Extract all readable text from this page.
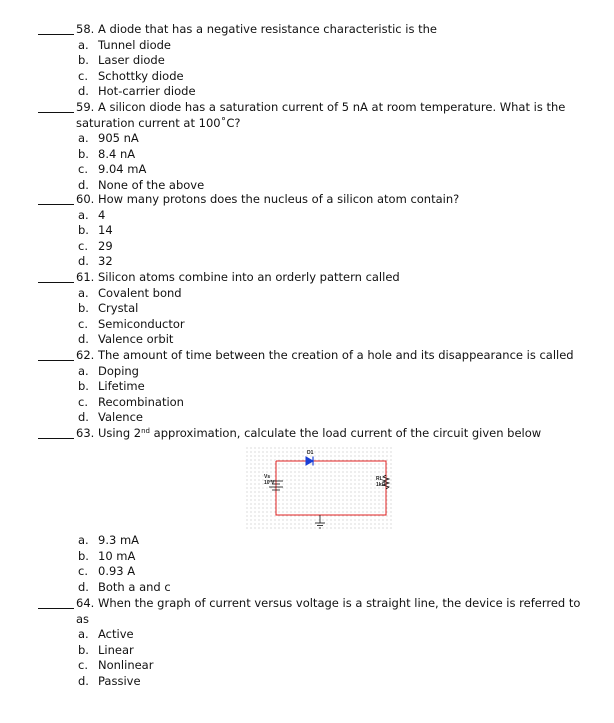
58. A diode that has a negative resistance characteristic is the
a. Tunnel diode
b. Laser diode
c. Schottky diode
d. Hot-carrier diode
59. A silicon diode has a saturation current of 5 nA at room temperature. What is the
saturation current at 100˚C?
a. 905 nA
b. 8.4 nA
c. 9.04 mA
d. None of the above
60. How many protons does the nucleus of a silicon atom contain?
a. 4
b. 14
c. 29
d. 32
61. Silicon atoms combine into an orderly pattern called
a. Covalent bond
b. Crystal
c. Semiconductor
d. Valence orbit
62. The amount of time between the creation of a hole and its disappearance is called
a. Doping
b. Lifetime
c. Recombination
d. Valence
63. Using 2nd approximation, calculate the load current of the circuit given below
D1
Vs
10 V
RL
1kΩ
a. 9.3 mA
b. 10 mA
c. 0.93 A
d. Both a and c
64. When the graph of current versus voltage is a straight line, the device is referred to
as
a. Active
b. Linear
c. Nonlinear
d. Passive
